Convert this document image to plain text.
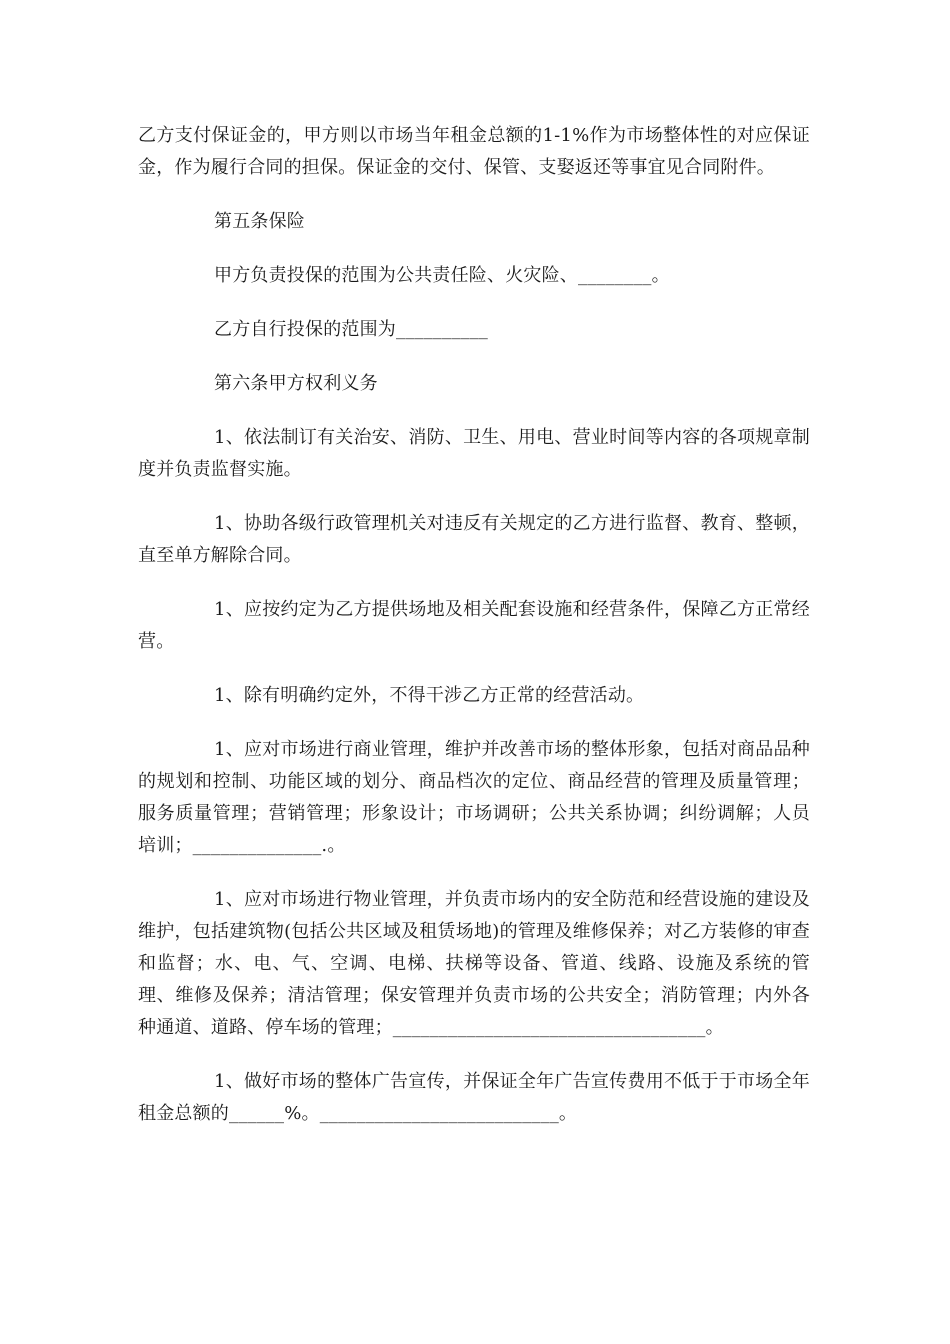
乙方支付保证金的，甲方则以市场当年租金总额的1-1%作为市场整体性的对应保证金，作为履行合同的担保。保证金的交付、保管、支娶返还等事宜见合同附件。

第五条保险

甲方负责投保的范围为公共责任险、火灾险、________。

乙方自行投保的范围为__________

第六条甲方权利义务

1、依法制订有关治安、消防、卫生、用电、营业时间等内容的各项规章制度并负责监督实施。

1、协助各级行政管理机关对违反有关规定的乙方进行监督、教育、整顿，直至单方解除合同。

1、应按约定为乙方提供场地及相关配套设施和经营条件，保障乙方正常经营。

1、除有明确约定外，不得干涉乙方正常的经营活动。

1、应对市场进行商业管理，维护并改善市场的整体形象，包括对商品品种的规划和控制、功能区域的划分、商品档次的定位、商品经营的管理及质量管理；服务质量管理；营销管理；形象设计；市场调研；公共关系协调；纠纷调解；人员培训；______________.。

1、应对市场进行物业管理，并负责市场内的安全防范和经营设施的建设及维护，包括建筑物(包括公共区域及租赁场地)的管理及维修保养；对乙方装修的审查和监督；水、电、气、空调、电梯、扶梯等设备、管道、线路、设施及系统的管理、维修及保养；清洁管理；保安管理并负责市场的公共安全；消防管理；内外各种通道、道路、停车场的管理；__________________________________。

1、做好市场的整体广告宣传，并保证全年广告宣传费用不低于于市场全年租金总额的______%。__________________________。
